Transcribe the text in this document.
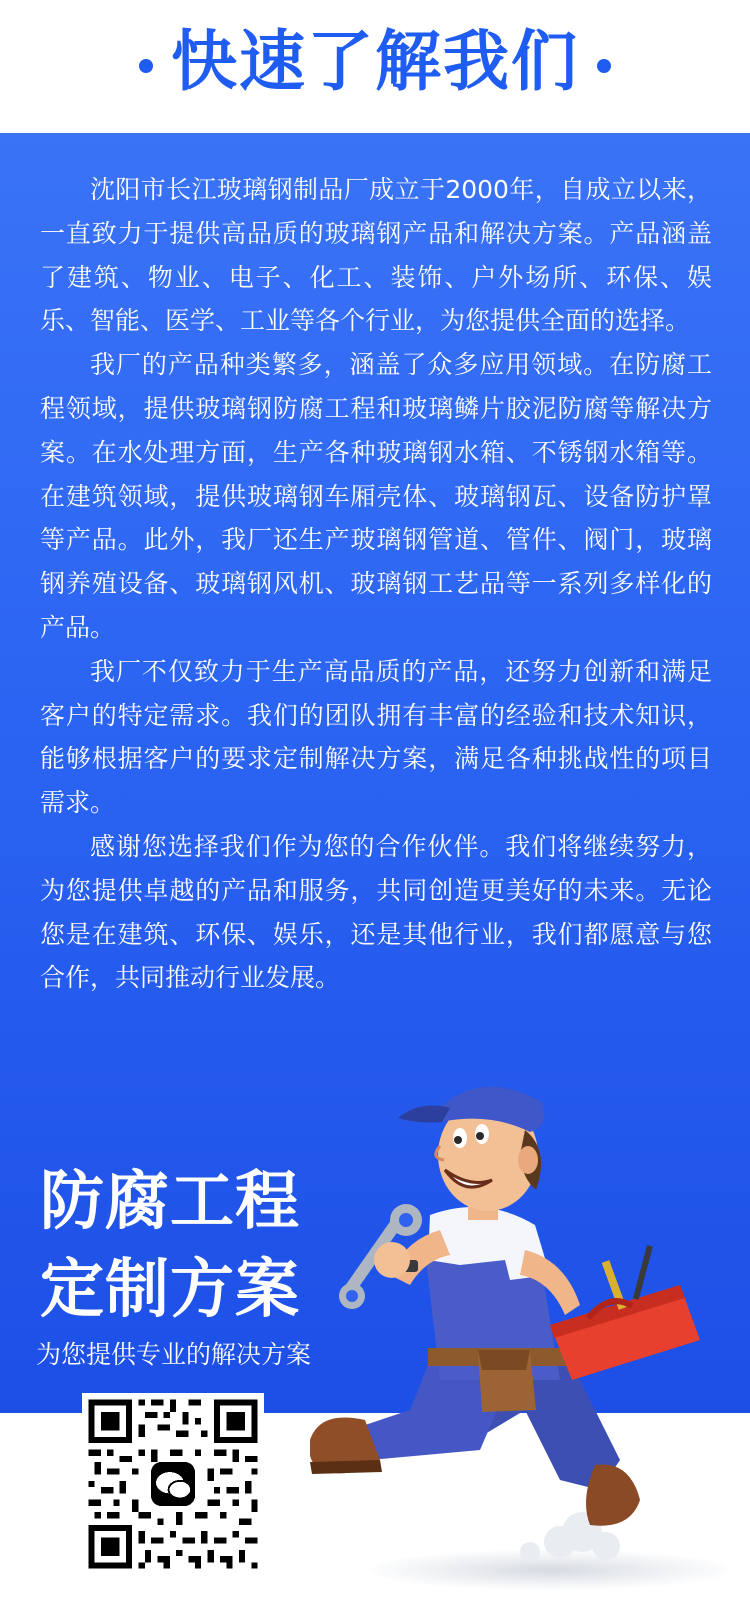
快速了解我们

沈阳市长江玻璃钢制品厂成立于2000年，自成立以来，一直致力于提供高品质的玻璃钢产品和解决方案。产品涵盖了建筑、物业、电子、化工、装饰、户外场所、环保、娱乐、智能、医学、工业等各个行业，为您提供全面的选择。

我厂的产品种类繁多，涵盖了众多应用领域。在防腐工程领域，提供玻璃钢防腐工程和玻璃鳞片胶泥防腐等解决方案。在水处理方面，生产各种玻璃钢水箱、不锈钢水箱等。在建筑领域，提供玻璃钢车厢壳体、玻璃钢瓦、设备防护罩等产品。此外，我厂还生产玻璃钢管道、管件、阀门，玻璃钢养殖设备、玻璃钢风机、玻璃钢工艺品等一系列多样化的产品。

我厂不仅致力于生产高品质的产品，还努力创新和满足客户的特定需求。我们的团队拥有丰富的经验和技术知识，能够根据客户的要求定制解决方案，满足各种挑战性的项目需求。

感谢您选择我们作为您的合作伙伴。我们将继续努力，为您提供卓越的产品和服务，共同创造更美好的未来。无论您是在建筑、环保、娱乐，还是其他行业，我们都愿意与您合作，共同推动行业发展。

防腐工程
定制方案
为您提供专业的解决方案
